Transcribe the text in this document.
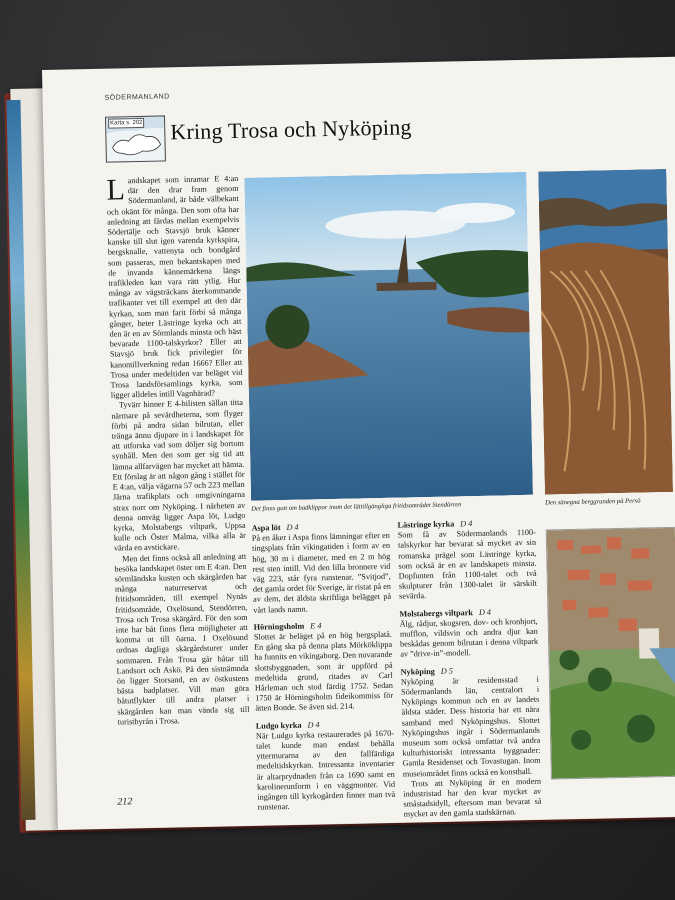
SÖDERMANLAND
Karta s. 202 Kring Trosa och Nyköping

Landskapet som inramar E 4:an där den drar fram genom Södermanland, är både välbekant och okänt för många. Den som ofta har anledning att färdas mellan exempelvis Södertälje och Stavsjö bruk känner kanske till slut igen varenda kyrkspira, bergsknalle, vattenyta och bondgård som passeras, men bekantskapen med de invanda kännemärkena längs trafikleden kan vara rätt ytlig. Hur många av vägsträckans återkommande trafikanter vet till exempel att den där kyrkan, som man farit förbi så många gånger, heter Lästringe kyrka och att den är en av Sörmlands minsta och bäst bevarade 1100-talskyrkor? Eller att Stavsjö bruk fick privilegier för kanontillverkning redan 1666? Eller att Trosa under medeltiden var beläget vid Trosa landsförsamlings kyrka, som ligger alldeles intill Vagnhärad?

Tyvärr hinner E 4-bilisten sällan titta närmare på sevärdheterna, som flyger förbi på andra sidan bilrutan, eller tränga ännu djupare in i landskapet för att utforska vad som döljer sig bortom synhåll. Men den som ger sig tid att lämna allfarvägen har mycket att hämta. Ett förslag är att någon gång i stället för E 4:an, välja vägarna 57 och 223 mellan Järna trafikplats och omgivningarna strax norr om Nyköping. I närheten av denna omväg ligger Aspa löt, Ludgo kyrka, Molstabergs viltpark, Uppsa kulle och Öster Malma, vilka alla är värda en avstickare.

Men det finns också all anledning att besöka landskapet öster om E 4:an. Den sörmländska kusten och skärgården har många naturreservat och fritidsområden, till exempel Nynäs fritidsområde, Oxelösund, Stendörren, Trosa och Trosa skärgård. För den som inte har båt finns flera möjligheter att komma ut till öarna. I Oxelösund ordnas dagliga skärgårdsturer under sommaren. Från Trosa går båtar till Landsort och Askö. På den sistnämnda ön ligger Storsand, en av östkustens bästa badplatser. Vill man göra båtutflykter till andra platser i skärgården kan man vända sig till turistbyrån i Trosa.

Det finns gott om badklippor inom det lättillgängliga fritidsområdet Stendörren	Den sänegna berggrunden på Persö
Aspa löt D 4
På en åker i Aspa finns lämningar efter en tingsplats från vikingatiden i form av en hög, 30 m i diameter, med en 2 m hög rest sten intill. Vid den lilla bronnere vid väg 223, står fyra runstenar. ”Svitjod”, det gamla ordet för Sverige, är ristat på en av dem, det äldsta skriftliga belägget på vårt lands namn.
Hörningsholm E 4
Slottet är beläget på en hög bergsplatå. En gång ska på denna plats Mörköklippa ha funnits en vikingaborg. Den nuvarande slottsbyggnaden, som är uppförd på medeltida grund, ritades av Carl Hårleman och stod färdig 1752. Sedan 1750 är Hörningsholm fideikommiss för ätten Bonde. Se även sid. 214.
Ludgo kyrka D 4
När Ludgo kyrka restaurerades på 1670-talet kunde man endast behålla yttermurarna av den fallfärdiga medeltidskyrkan. Intressanta inventarier är altarprydnaden från ca 1690 samt en karolinerunform i en väggmonter. Vid ingången till kyrkogården finner man två runstenar.
Lästringe kyrka D 4
Som få av Södermanlands 1100-talskyrkor har bevarat så mycket av sin romanska prägel som Lästringe kyrka, som också är en av landskapets minsta. Dopfunten från 1100-talet och två skulpturer från 1300-talet är särskilt sevärda.
Molstabergs viltpark D 4
Älg, rådjur, skogsren, dov- och kronhjort, mufflon, vildsvin och andra djur kan beskådas genom bilrutan i denna viltpark av ”drive-in”-modell.
Nyköping D 5
Nyköping är residensstad i Södermanlands län, centralort i Nyköpings kommun och en av landets äldsta städer. Dess historia har ett nära samband med Nyköpingshus. Slottet Nyköpingshus ingår i Södermanlands museum som också omfattar två andra kulturhistoriskt intressanta byggnader: Gamla Residenset och Tovastugan. Inom museiområdet finns också en konsthall.
Trots att Nyköping är en modern industristad har den kvar mycket av småstadsidyll, eftersom man bevarat så mycket av den gamla stadskärnan.
212
